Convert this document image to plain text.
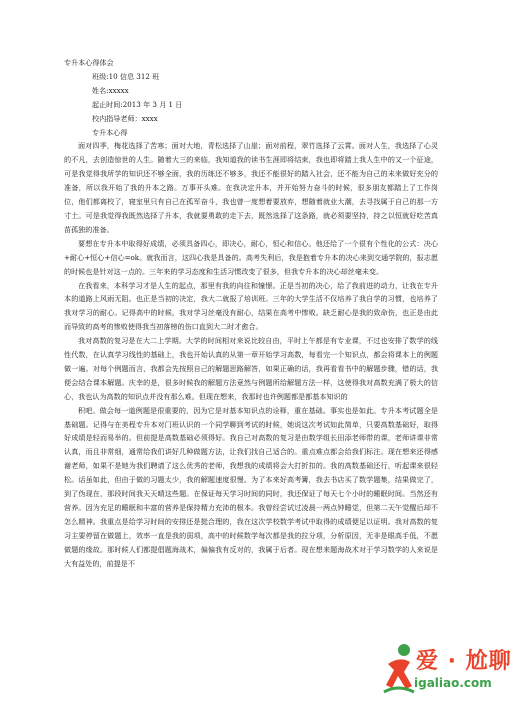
专升本心得体会
班级:10 信息 312 班
姓名:xxxxx
起止时间:2013 年 3 月 1 日
校内指导老师：xxxx
专升本心得
面对四季，梅花选择了苦寒；面对大地，青松选择了山崖；面对前程，翠竹选择了云霄。面对人生，我选择了心灵的不凡，去创造惊世的人生。随着大三的来临，我知道我的读书生涯即将结束，我也即将踏上我人生中的又一个征途，可是我觉得我所学的知识还不够全面，我的历练还不够多，我还不能很好的踏入社会，还不能为自己的未来做好充分的准备，所以我开始了我的升本之路。万事开头难。在我决定升本，并开始努力奋斗的时候，很多朋友都踏上了工作岗位，他们都离校了，寝室里只有自己在孤军奋斗，我也曾一度想着要放弃，想随着就业大潮，去寻找属于自己的那一方寸土。可是我觉得我既然选择了升本，我就要勇敢的走下去，既然选择了这条路，就必须要坚持，持之以恒就好吃苦真苗孤独的准备。
要想在专升本中取得好成绩，必须具备四心，即决心，耐心，恒心和信心。他还给了一个很有个性化的公式：决心+耐心+恒心+信心=ok。就我而言，这四心我是具备的。高考失利后，我是抱着专升本的决心来到交通学院的，报志愿的时候也是针对这一点的。三年来的学习态度和生活习惯改变了很多，但我专升本的决心却丝毫未变。
在我看来，本科学习才是人生的起点，那里有我的向往和憧憬。正是当初的决心，给了我前进的动力，让我在专升本的道路上风雨无阻。也正是当初的决定，我大二就报了培训班。三年的大学生活不仅培养了我自学的习惯，也培养了我对学习的耐心。记得高中的时候，我对学习丝毫没有耐心，结果在高考中惨败。缺乏耐心是我的致命伤，也正是由此而导致的高考的惨败使得我当初落榜的伤口直到大二时才愈合。
我对高数的复习是在大二上学期。大学的时间相对来说比较自由，平时上午都是有专业课，不过也安排了数学的线性代数，在认真学习线性的基础上，我也开始认真的从第一章开始学习高数，每看完一个知识点，都会将课本上的例题做一遍。对每个例题而言，我都会先按照自己的解题思路解答，如果正确的话，我再看看书中的解题步骤，错的话，我便会结合课本解题。庆幸的是，很多时候我的解题方法竟然与例题所给解题方法一样，这使得我对高数充满了极大的信心，我也认为高数的知识点并没有那么难。但现在想来，我那时也许例题都是都基本知识的
积吧。做会每一道例题是很重要的，因为它是对基本知识点的诠释，重在基础。事实也是如此。专升本考试题全是基础题。记得与在美程专升本对门班认识的一个同学聊到考试的时候，她说这次考试如此简单，只要高数基础好，取得好成绩是轻而易举的。但前提是高数基础必须得好。我自己对高数的复习是由数学组长田添老师带的课，老师讲课非常认真，而且非常细，通常给我们讲好几种做题方法，让我们找自己适合的。重点难点都会给我们标注。现在想来还得感谢老师，如果不是她为我们聘请了这么优秀的老师，我想我的成绩将会大打折扣的。我的高数基础还行，听起课来很轻松。话虽如此，但由于做的习题太少，我的解题速度很慢。为了本来好高考篝，我去书店买了数学题集，结果做完了，到了伪现在，那段时间我天天晴这些题。在保证每天学习时间的同时，我还保证了每天七个小时的睡眠时间。当然还有营养。因为充足的睡眠和丰富的营养是保持精力充沛的根本。我曾经尝试过凌晨一两点钟睡觉，但第二天午觉醒后却不怎么精神。我重点是给学习时间的安排还是挺合理的，我在这次学校数学考试中取得的成绩便足以证明。我对高数的复习主要停留在做题上，效率一直是我的弱项，高中的时候数学每次都是我的拉分项，分析原因，无非是眼高手低，不愿做题的缘故。那时候人们都提倡题海战术，偏偏我有反对的，我属于后者。现在想来题海战术对于学习数学的人来说是大有益处的，前提是不
爱 · 尬聊
igaliao.com
